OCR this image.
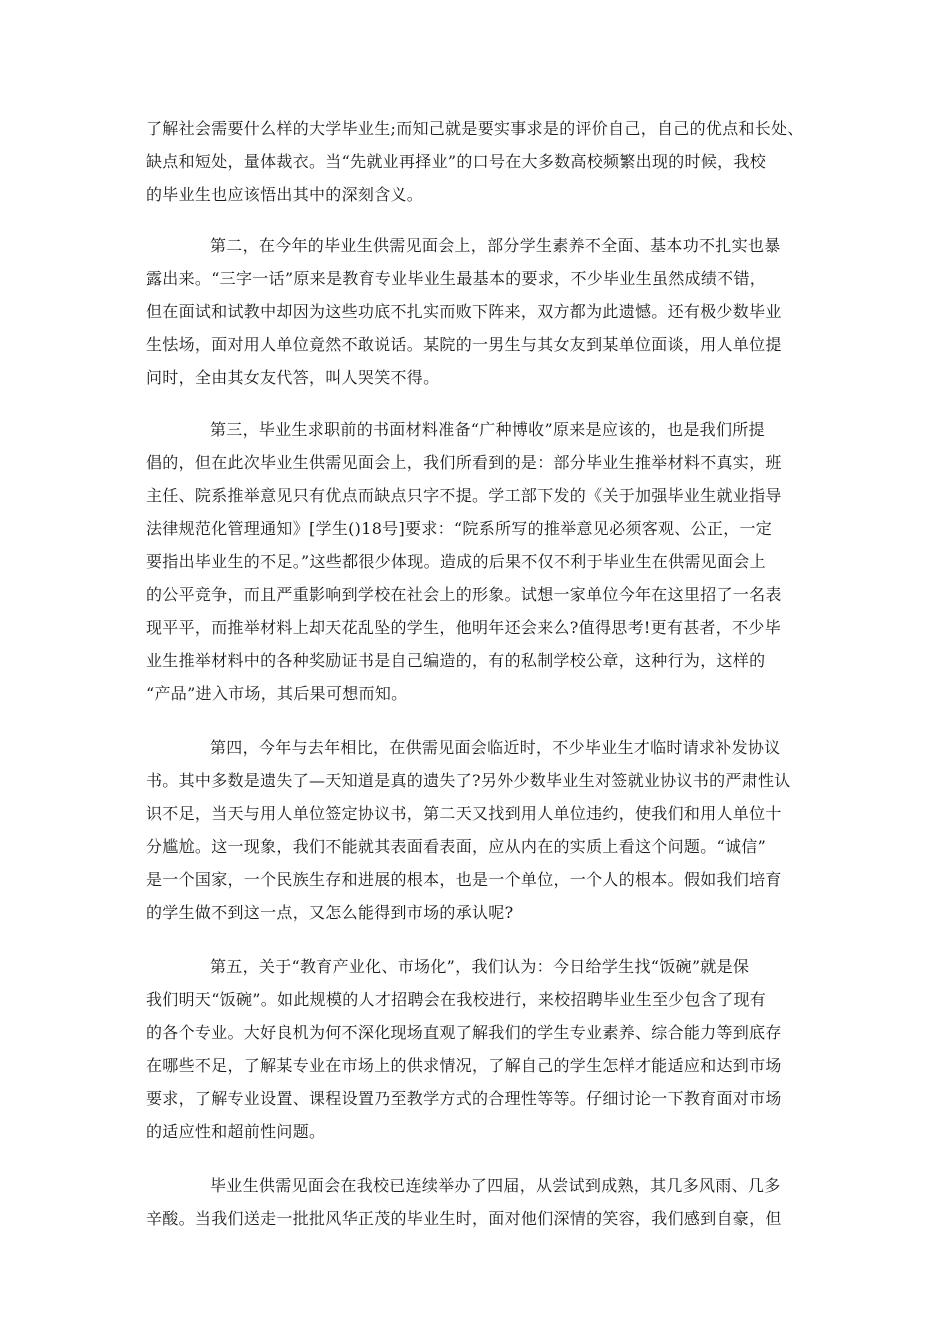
了解社会需要什么样的大学毕业生;而知己就是要实事求是的评价自己，自己的优点和长处、
缺点和短处，量体裁衣。当“先就业再择业”的口号在大多数高校频繁出现的时候，我校
的毕业生也应该悟出其中的深刻含义。
第二，在今年的毕业生供需见面会上，部分学生素养不全面、基本功不扎实也暴
露出来。“三字一话”原来是教育专业毕业生最基本的要求，不少毕业生虽然成绩不错，
但在面试和试教中却因为这些功底不扎实而败下阵来，双方都为此遗憾。还有极少数毕业
生怯场，面对用人单位竟然不敢说话。某院的一男生与其女友到某单位面谈，用人单位提
问时，全由其女友代答，叫人哭笑不得。
第三，毕业生求职前的书面材料准备“广种博收”原来是应该的，也是我们所提
倡的，但在此次毕业生供需见面会上，我们所看到的是：部分毕业生推举材料不真实，班
主任、院系推举意见只有优点而缺点只字不提。学工部下发的《关于加强毕业生就业指导
法律规范化管理通知》[学生()18号]要求：“院系所写的推举意见必须客观、公正，一定
要指出毕业生的不足。”这些都很少体现。造成的后果不仅不利于毕业生在供需见面会上
的公平竞争，而且严重影响到学校在社会上的形象。试想一家单位今年在这里招了一名表
现平平，而推举材料上却天花乱坠的学生，他明年还会来么?值得思考!更有甚者，不少毕
业生推举材料中的各种奖励证书是自己编造的，有的私制学校公章，这种行为，这样的
“产品”进入市场，其后果可想而知。
第四，今年与去年相比，在供需见面会临近时，不少毕业生才临时请求补发协议
书。其中多数是遗失了—天知道是真的遗失了?另外少数毕业生对签就业协议书的严肃性认
识不足，当天与用人单位签定协议书，第二天又找到用人单位违约，使我们和用人单位十
分尴尬。这一现象，我们不能就其表面看表面，应从内在的实质上看这个问题。“诚信”
是一个国家，一个民族生存和进展的根本，也是一个单位，一个人的根本。假如我们培育
的学生做不到这一点，又怎么能得到市场的承认呢?
第五，关于“教育产业化、市场化”，我们认为：今日给学生找“饭碗”就是保
我们明天“饭碗”。如此规模的人才招聘会在我校进行，来校招聘毕业生至少包含了现有
的各个专业。大好良机为何不深化现场直观了解我们的学生专业素养、综合能力等到底存
在哪些不足，了解某专业在市场上的供求情况，了解自己的学生怎样才能适应和达到市场
要求，了解专业设置、课程设置乃至教学方式的合理性等等。仔细讨论一下教育面对市场
的适应性和超前性问题。
毕业生供需见面会在我校已连续举办了四届，从尝试到成熟，其几多风雨、几多
辛酸。当我们送走一批批风华正茂的毕业生时，面对他们深情的笑容，我们感到自豪，但
